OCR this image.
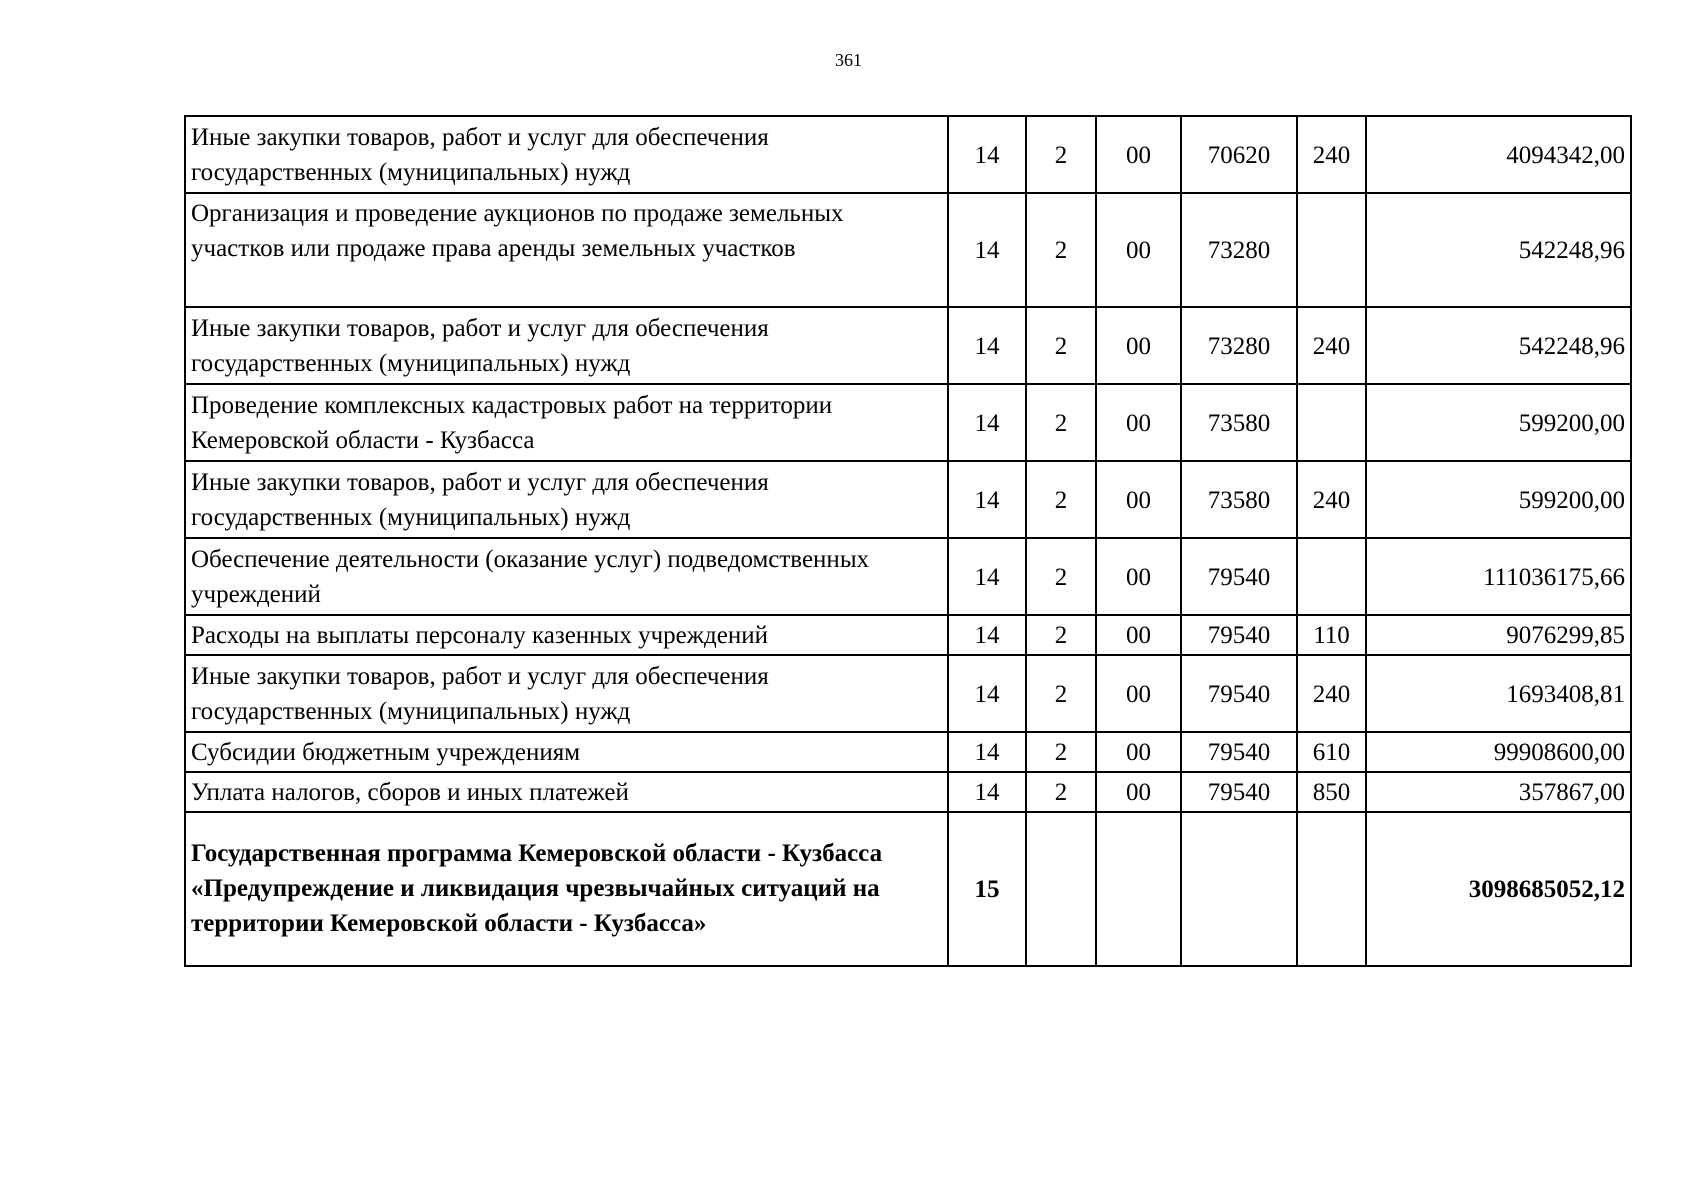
361
Иные закупки товаров, работ и услуг для обеспечения государственных (муниципальных) нужд	14	2	00	70620	240	4094342,00
Организация и проведение аукционов по продаже земельных участков или продаже права аренды земельных участков	14	2	00	73280		542248,96
Иные закупки товаров, работ и услуг для обеспечения государственных (муниципальных) нужд	14	2	00	73280	240	542248,96
Проведение комплексных кадастровых работ на территории Кемеровской области - Кузбасса	14	2	00	73580		599200,00
Иные закупки товаров, работ и услуг для обеспечения государственных (муниципальных) нужд	14	2	00	73580	240	599200,00
Обеспечение деятельности (оказание услуг) подведомственных учреждений	14	2	00	79540		111036175,66
Расходы на выплаты персоналу казенных учреждений	14	2	00	79540	110	9076299,85
Иные закупки товаров, работ и услуг для обеспечения государственных (муниципальных) нужд	14	2	00	79540	240	1693408,81
Субсидии бюджетным учреждениям	14	2	00	79540	610	99908600,00
Уплата налогов, сборов и иных платежей	14	2	00	79540	850	357867,00
Государственная программа Кемеровской области - Кузбасса «Предупреждение и ликвидация чрезвычайных ситуаций на территории Кемеровской области - Кузбасса»	15					3098685052,12
